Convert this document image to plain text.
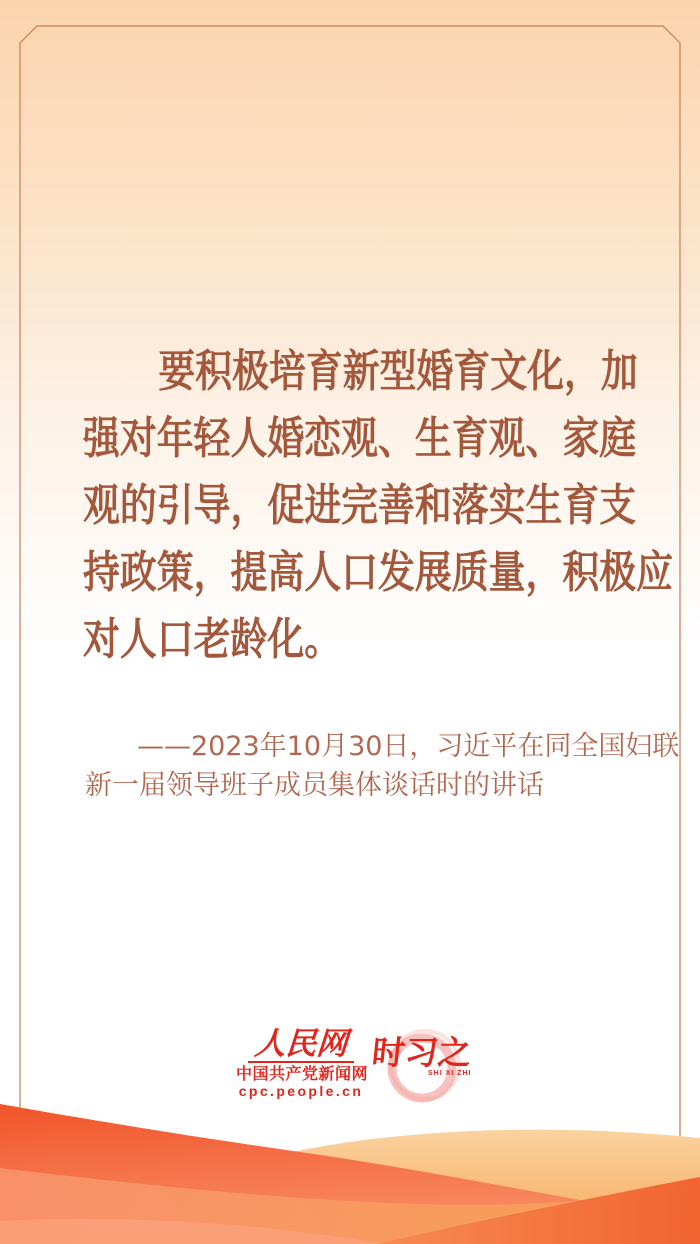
要积极培育新型婚育文化，加
强对年轻人婚恋观、生育观、家庭
观的引导，促进完善和落实生育支
持政策，提高人口发展质量，积极应
对人口老龄化。
——2023年10月30日，习近平在同全国妇联
新一届领导班子成员集体谈话时的讲话
人民网
中国共产党新闻网
cpc.people.cn
时习之
SHI XI ZHI
